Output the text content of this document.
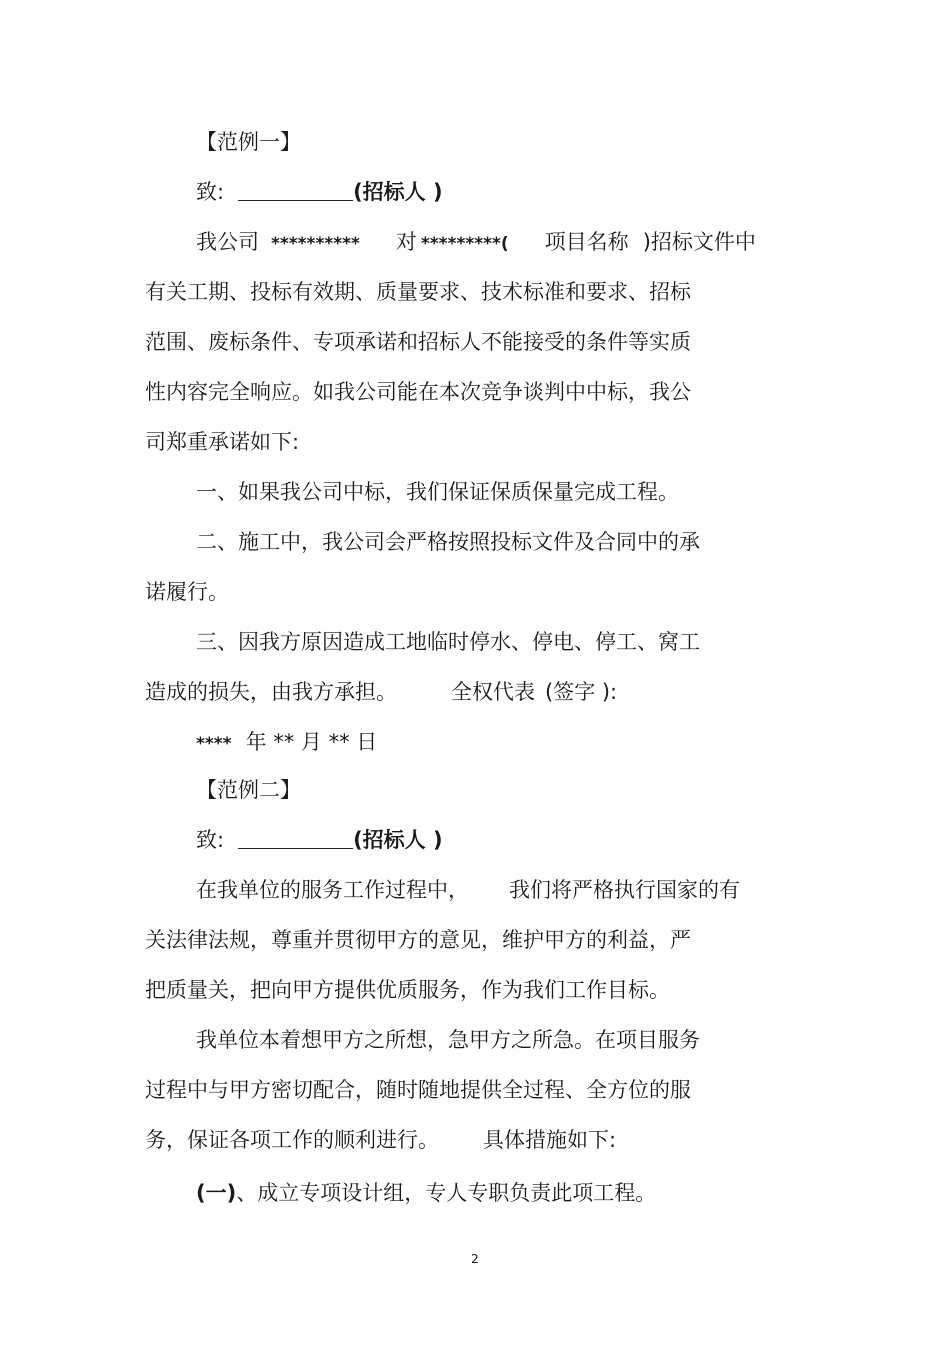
【范例一】
致:	(招标人 )
我公司 ********** 对 *********( 项目名称 )招标文件中
有关工期、投标有效期、质量要求、技术标准和要求、招标
范围、废标条件、专项承诺和招标人不能接受的条件等实质
性内容完全响应。如我公司能在本次竞争谈判中中标，我公
司郑重承诺如下:
一、如果我公司中标，我们保证保质保量完成工程。
二、施工中，我公司会严格按照投标文件及合同中的承
诺履行。
三、因我方原因造成工地临时停水、停电、停工、窝工
造成的损失，由我方承担。	全权代表 (签字 ):
**** 年 ** 月 ** 日
【范例二】
致:	(招标人 )
在我单位的服务工作过程中， 我们将严格执行国家的有
关法律法规，尊重并贯彻甲方的意见，维护甲方的利益，严
把质量关，把向甲方提供优质服务，作为我们工作目标。
我单位本着想甲方之所想，急甲方之所急。在项目服务
过程中与甲方密切配合，随时随地提供全过程、全方位的服
务，保证各项工作的顺利进行。 具体措施如下:
(一)、成立专项设计组，专人专职负责此项工程。
2
